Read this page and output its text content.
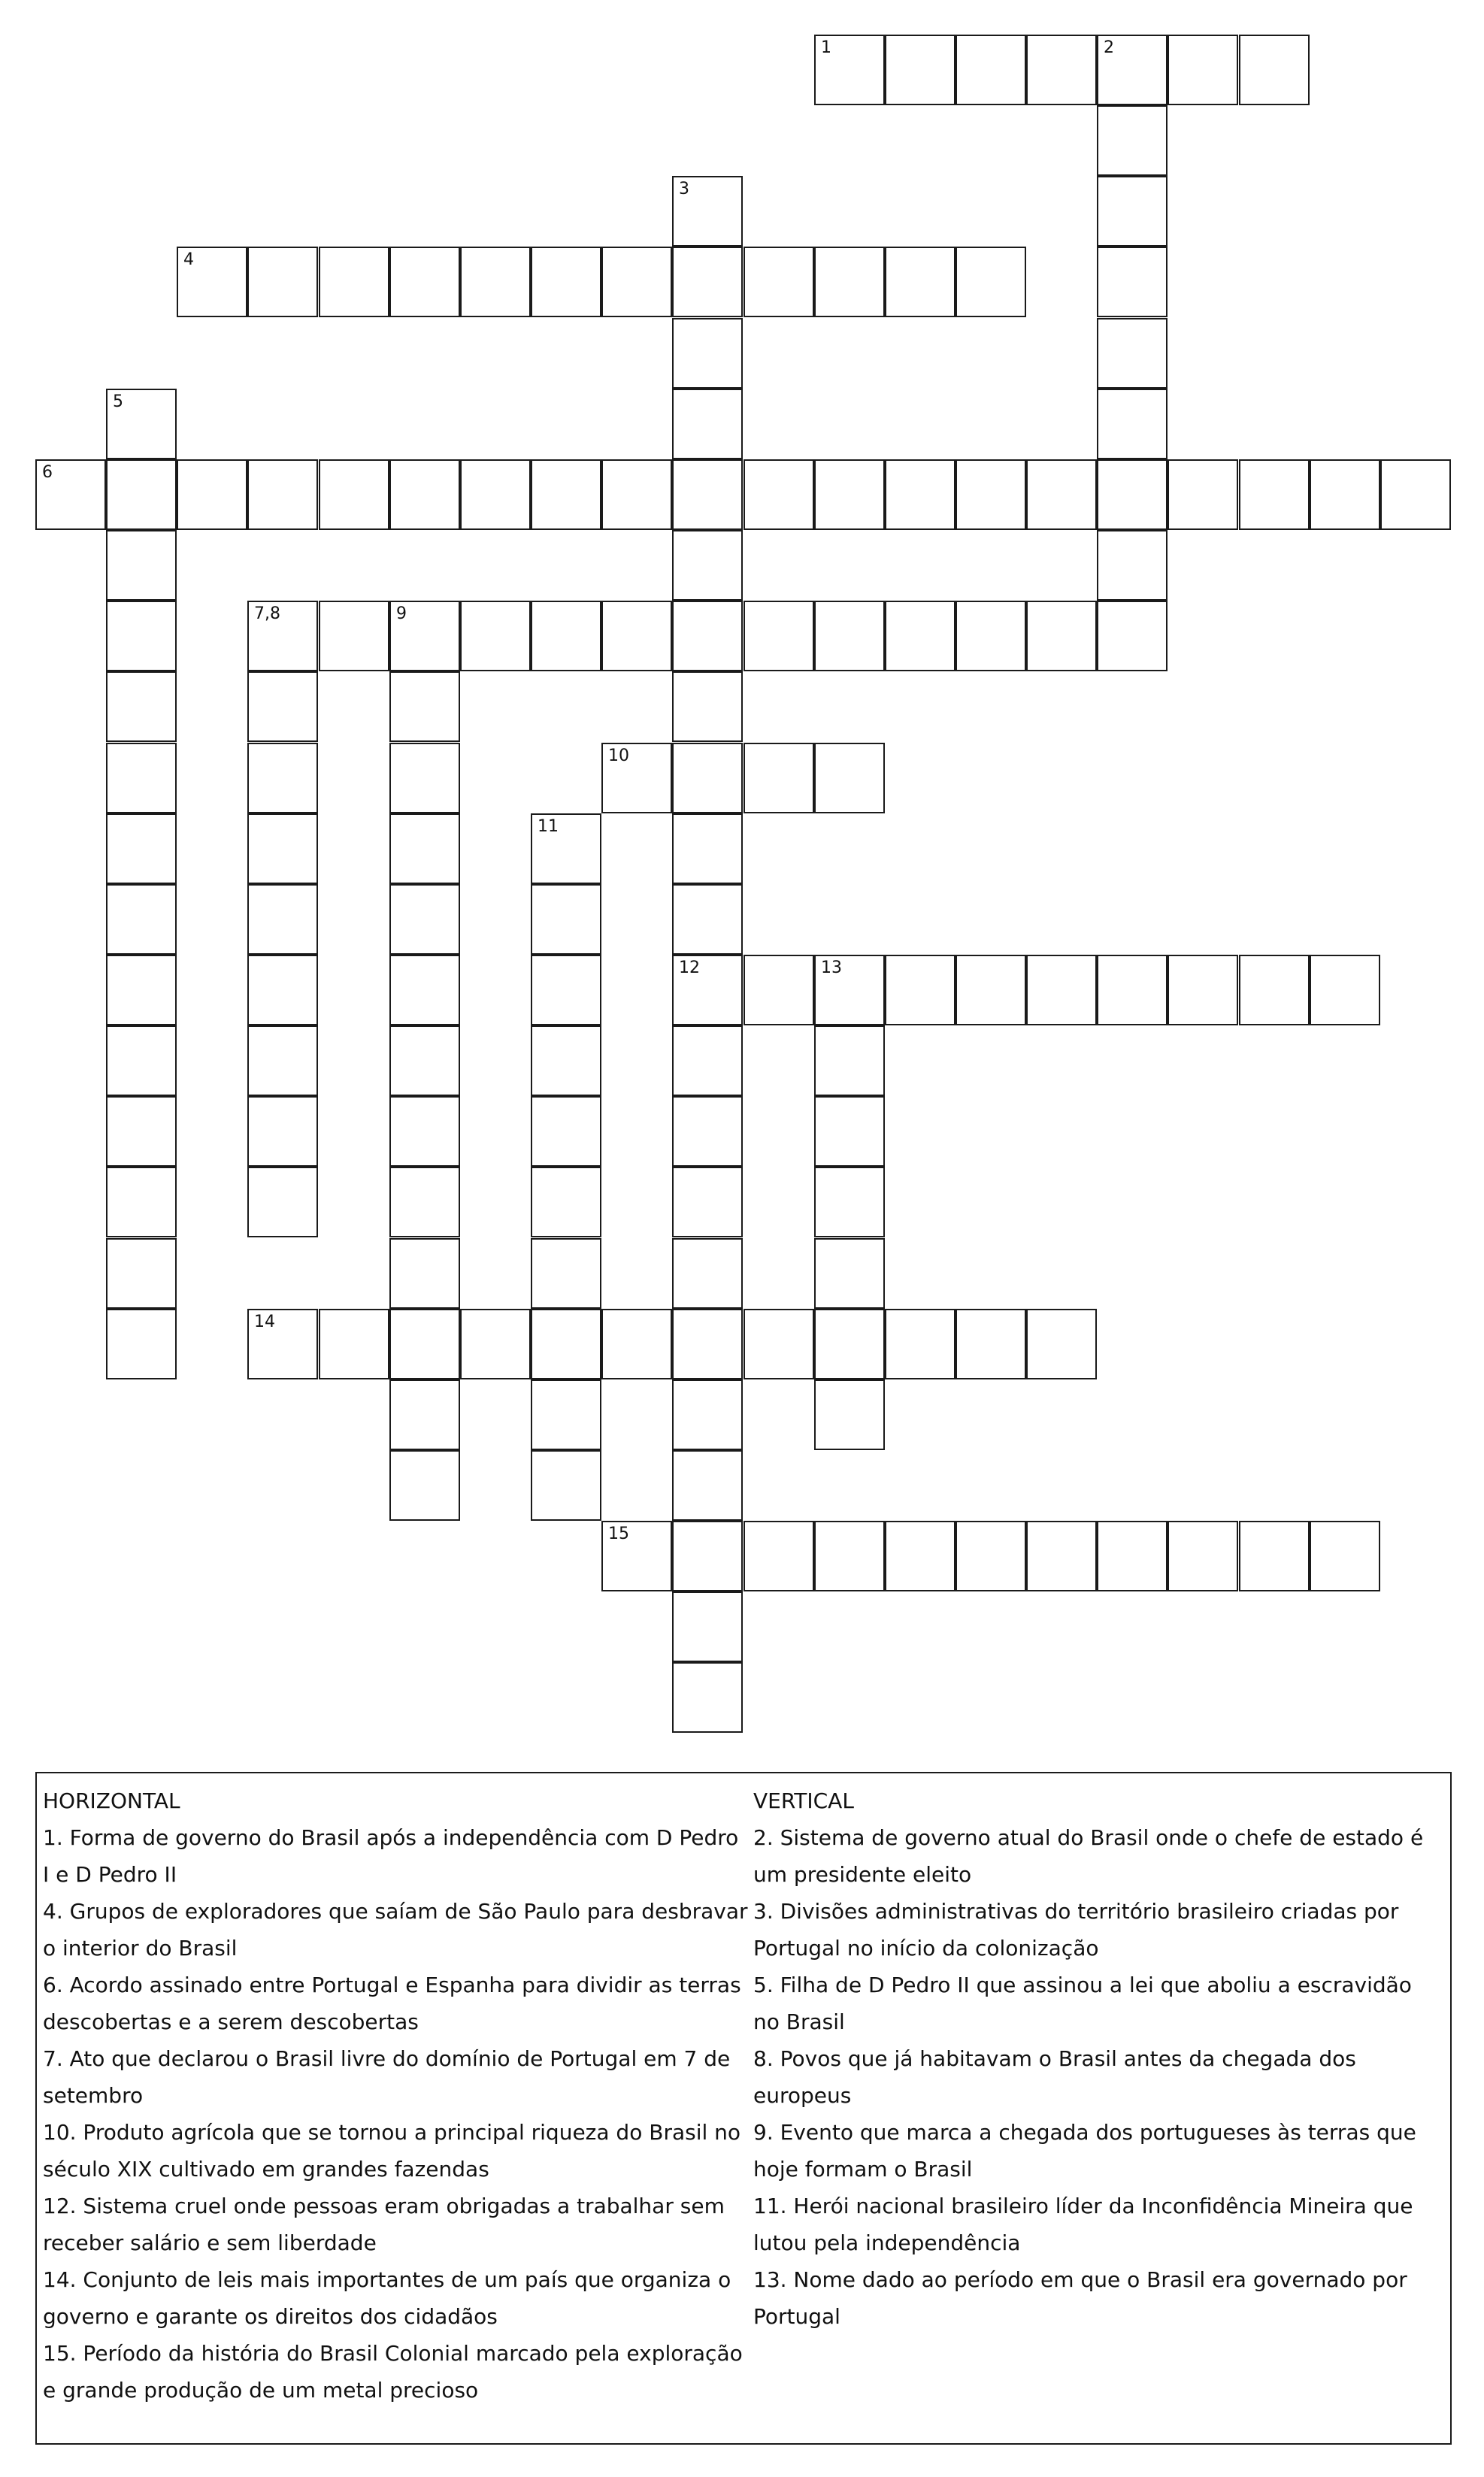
1	2
4
6
7,8	9
10
12	13
14
15
3
5
11
HORIZONTAL
1. Forma de governo do Brasil após a independência com D Pedro I e D Pedro II
4. Grupos de exploradores que saíam de São Paulo para desbravar o interior do Brasil
6. Acordo assinado entre Portugal e Espanha para dividir as terras descobertas e a serem descobertas
7. Ato que declarou o Brasil livre do domínio de Portugal em 7 de setembro
10. Produto agrícola que se tornou a principal riqueza do Brasil no século XIX cultivado em grandes fazendas
12. Sistema cruel onde pessoas eram obrigadas a trabalhar sem receber salário e sem liberdade
14. Conjunto de leis mais importantes de um país que organiza o governo e garante os direitos dos cidadãos
15. Período da história do Brasil Colonial marcado pela exploração e grande produção de um metal precioso
VERTICAL
2. Sistema de governo atual do Brasil onde o chefe de estado é um presidente eleito
3. Divisões administrativas do território brasileiro criadas por Portugal no início da colonização
5. Filha de D Pedro II que assinou a lei que aboliu a escravidão no Brasil
8. Povos que já habitavam o Brasil antes da chegada dos europeus
9. Evento que marca a chegada dos portugueses às terras que hoje formam o Brasil
11. Herói nacional brasileiro líder da Inconfidência Mineira que lutou pela independência
13. Nome dado ao período em que o Brasil era governado por Portugal
